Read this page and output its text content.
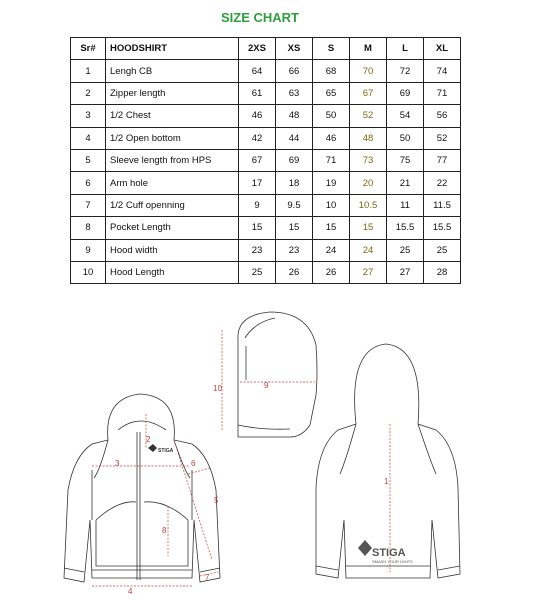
SIZE CHART
Sr#	HOODSHIRT	2XS	XS	S	M	L	XL
1	Lengh CB	64	66	68	70	72	74
2	Zipper length	61	63	65	67	69	71
3	1/2 Chest	46	48	50	52	54	56
4	1/2 Open bottom	42	44	46	48	50	52
5	Sleeve length from HPS	67	69	71	73	75	77
6	Arm hole	17	18	19	20	21	22
7	1/2 Cuff openning	9	9.5	10	10.5	11	11.5
8	Pocket Length	15	15	15	15	15.5	15.5
9	Hood width	23	23	24	24	25	25
10	Hood Length	25	26	26	27	27	28
9
10
2
3
4
5
6
7
8
1
STIGA
STIGA
SMASH YOUR LIMITS
